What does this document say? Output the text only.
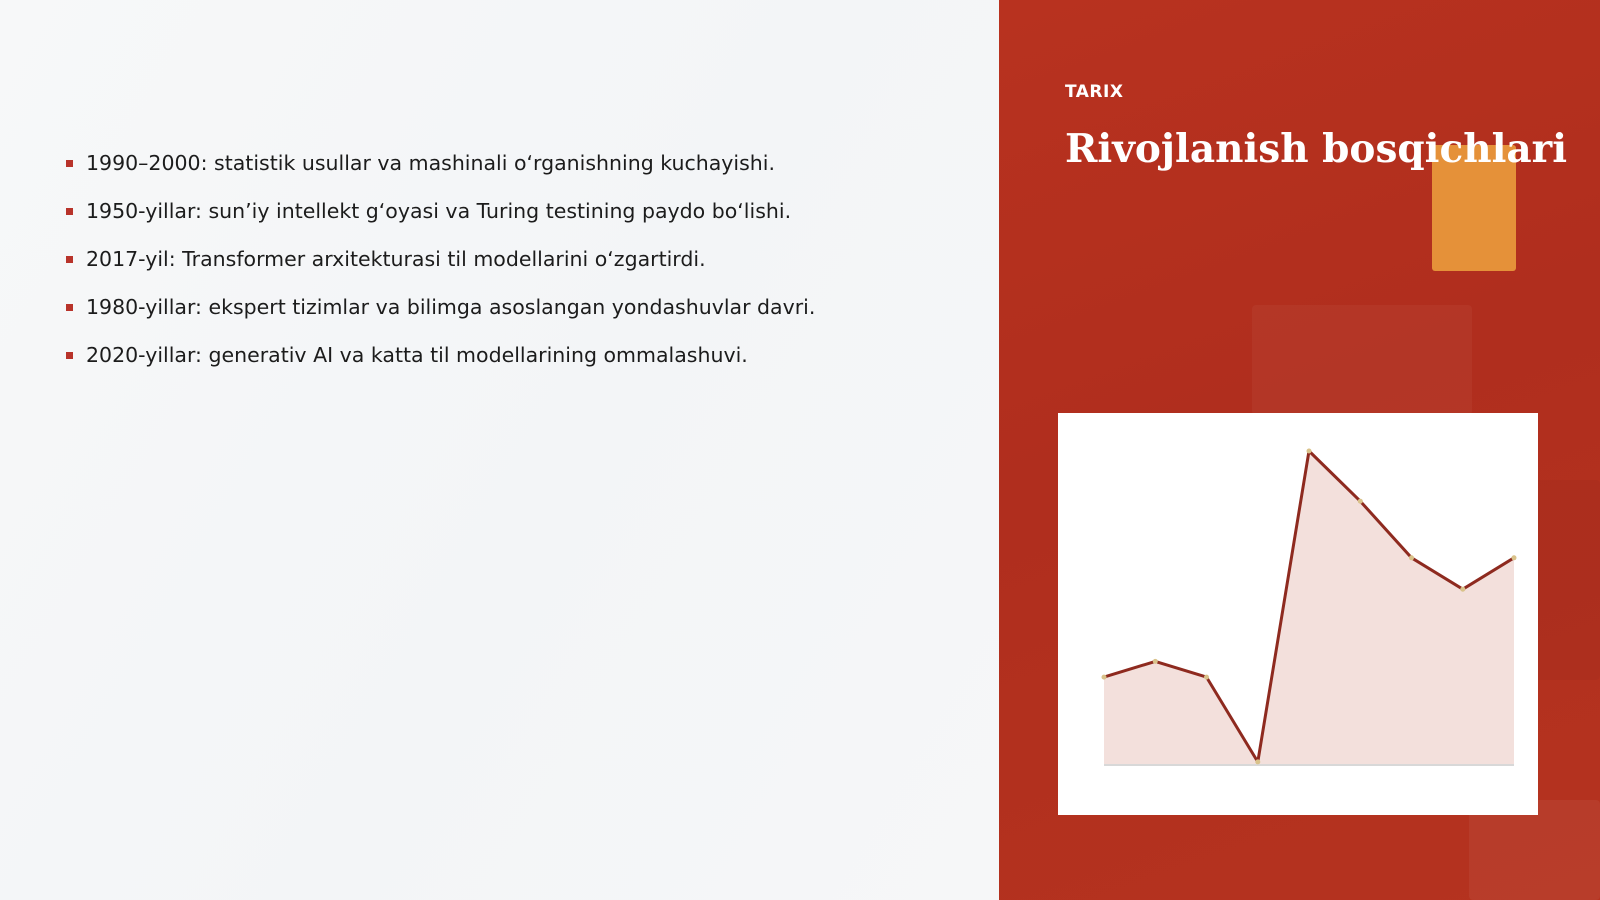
1990–2000: statistik usullar va mashinali oʻrganishning kuchayishi.
1950-yillar: sun’iy intellekt gʻoyasi va Turing testining paydo boʻlishi.
2017-yil: Transformer arxitekturasi til modellarini oʻzgartirdi.
1980-yillar: ekspert tizimlar va bilimga asoslangan yondashuvlar davri.
2020-yillar: generativ AI va katta til modellarining ommalashuvi.
TARIX
Rivojlanish bosqichlari
